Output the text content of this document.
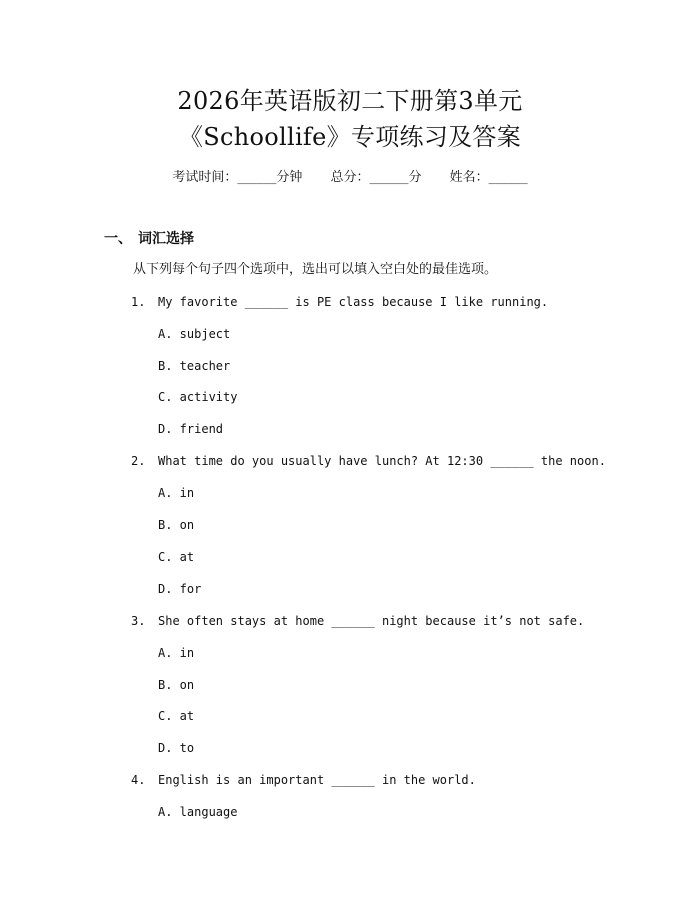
2026年英语版初二下册第3单元
《Schoollife》专项练习及答案
考试时间：______分钟 总分：______分 姓名：______
一、 词汇选择
从下列每个句子四个选项中，选出可以填入空白处的最佳选项。
1. My favorite ______ is PE class because I like running.
A. subject
B. teacher
C. activity
D. friend
2. What time do you usually have lunch? At 12:30 ______ the noon.
A. in
B. on
C. at
D. for
3. She often stays at home ______ night because it’s not safe.
A. in
B. on
C. at
D. to
4. English is an important ______ in the world.
A. language
